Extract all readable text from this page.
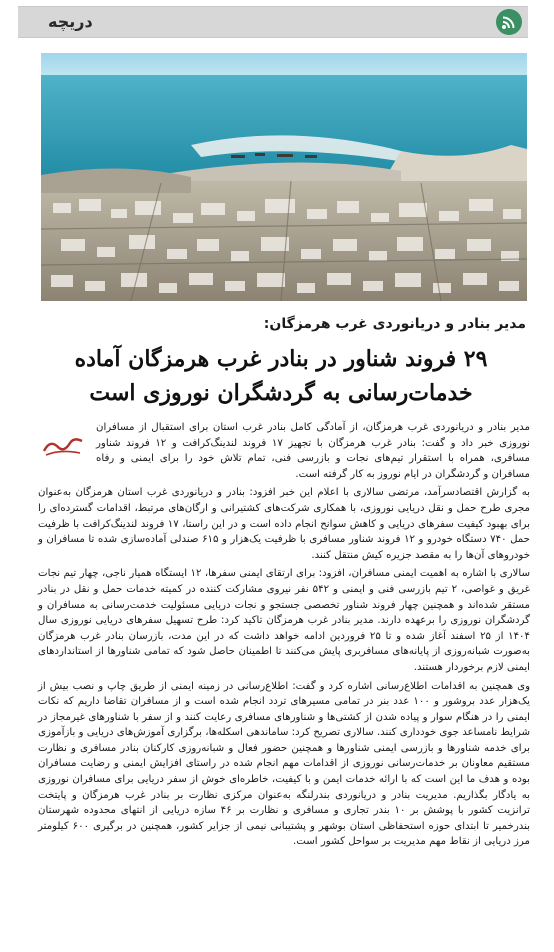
دریچه
مدیر بنادر و دریانوردی غرب هرمزگان:
۲۹ فروند شناور در بنادر غرب هرمزگان آماده
خدمات‌رسانی به گردشگران نوروزی است

مدیر بنادر و دریانوردی غرب هرمزگان، از آمادگی کامل بنادر غرب استان برای استقبال از مسافران نوروزی خبر داد و گفت: بنادر غرب هرمزگان با تجهیز ۱۷ فروند لندینگ‌کرافت و ۱۲ فروند شناور مسافری، همراه با استقرار تیم‌های نجات و بازرسی فنی، تمام تلاش خود را برای ایمنی و رفاه مسافران و گردشگران در ایام نوروز به کار گرفته است.

به گزارش اقتصادسرآمد، مرتضی سالاری با اعلام این خبر افزود: بنادر و دریانوردی غرب استان هرمزگان به‌عنوان مجری طرح حمل و نقل دریایی نوروزی، با همکاری شرکت‌های کشتیرانی و ارگان‌های مرتبط، اقدامات گسترده‌ای را برای بهبود کیفیت سفرهای دریایی و کاهش سوانح انجام داده است و در این راستا، ۱۷ فروند لندینگ‌کرافت با ظرفیت حمل ۷۴۰ دستگاه خودرو و ۱۲ فروند شناور مسافری با ظرفیت یک‌هزار و ۶۱۵ صندلی آماده‌سازی شده تا مسافران و خودروهای آن‌ها را به مقصد جزیره کیش منتقل کنند.

سالاری با اشاره به اهمیت ایمنی مسافران، افزود: برای ارتقای ایمنی سفرها، ۱۲ ایستگاه همیار ناجی، چهار تیم نجات غریق و غواصی، ۲ تیم بازرسی فنی و ایمنی و ۵۴۲ نفر نیروی مشارکت کننده در کمیته خدمات حمل و نقل در بنادر مستقر شده‌اند و همچنین چهار فروند شناور تخصصی جستجو و نجات دریایی مسئولیت خدمت‌رسانی به مسافران و گردشگران نوروزی را برعهده دارند. مدیر بنادر غرب هرمزگان تاکید کرد: طرح تسهیل سفرهای دریایی نوروزی سال ۱۴۰۴ از ۲۵ اسفند آغاز شده و تا ۲۵ فروردین ادامه خواهد داشت که در این مدت، بازرسان بنادر غرب هرمزگان به‌صورت شبانه‌روزی از پایانه‌های مسافربری پایش می‌کنند تا اطمینان حاصل شود که تمامی شناورها از استانداردهای ایمنی لازم برخوردار هستند.

وی همچنین به اقدامات اطلاع‌رسانی اشاره کرد و گفت: اطلاع‌رسانی در زمینه ایمنی از طریق چاپ و نصب بیش از یک‌هزار عدد بروشور و ۱۰۰ عدد بنر در تمامی مسیرهای تردد انجام شده است و از مسافران تقاضا داریم که نکات ایمنی را در هنگام سوار و پیاده شدن از کشتی‌ها و شناورهای مسافری رعایت کنند و از سفر با شناورهای غیرمجاز در شرایط نامساعد جوی خودداری کنند. سالاری تصریح کرد: ساماندهی اسکله‌ها، برگزاری آموزش‌های دریایی و بازآموزی برای خدمه شناورها و بازرسی ایمنی شناورها و همچنین حضور فعال و شبانه‌روزی کارکنان بنادر مسافری و نظارت مستقیم معاونان بر خدمات‌رسانی نوروزی از اقدامات مهم انجام شده در راستای افزایش ایمنی و رضایت مسافران بوده و هدف ما این است که با ارائه خدمات ایمن و با کیفیت، خاطره‌ای خوش از سفر دریایی برای مسافران نوروزی به یادگار بگذاریم. مدیریت بنادر و دریانوردی بندرلنگه به‌عنوان مرکزی نظارت بر بنادر غرب هرمزگان و پایتخت ترانزیت کشور با پوشش بر ۱۰ بندر تجاری و مسافری و نظارت بر ۴۶ سازه دریایی از انتهای محدوده شهرستان بندرخمیر تا ابتدای حوزه استحفاظی استان بوشهر و پشتیبانی نیمی از جزایر کشور، همچنین در برگیری ۶۰۰ کیلومتر مرز دریایی از نقاط مهم مدیریت بر سواحل کشور است.
